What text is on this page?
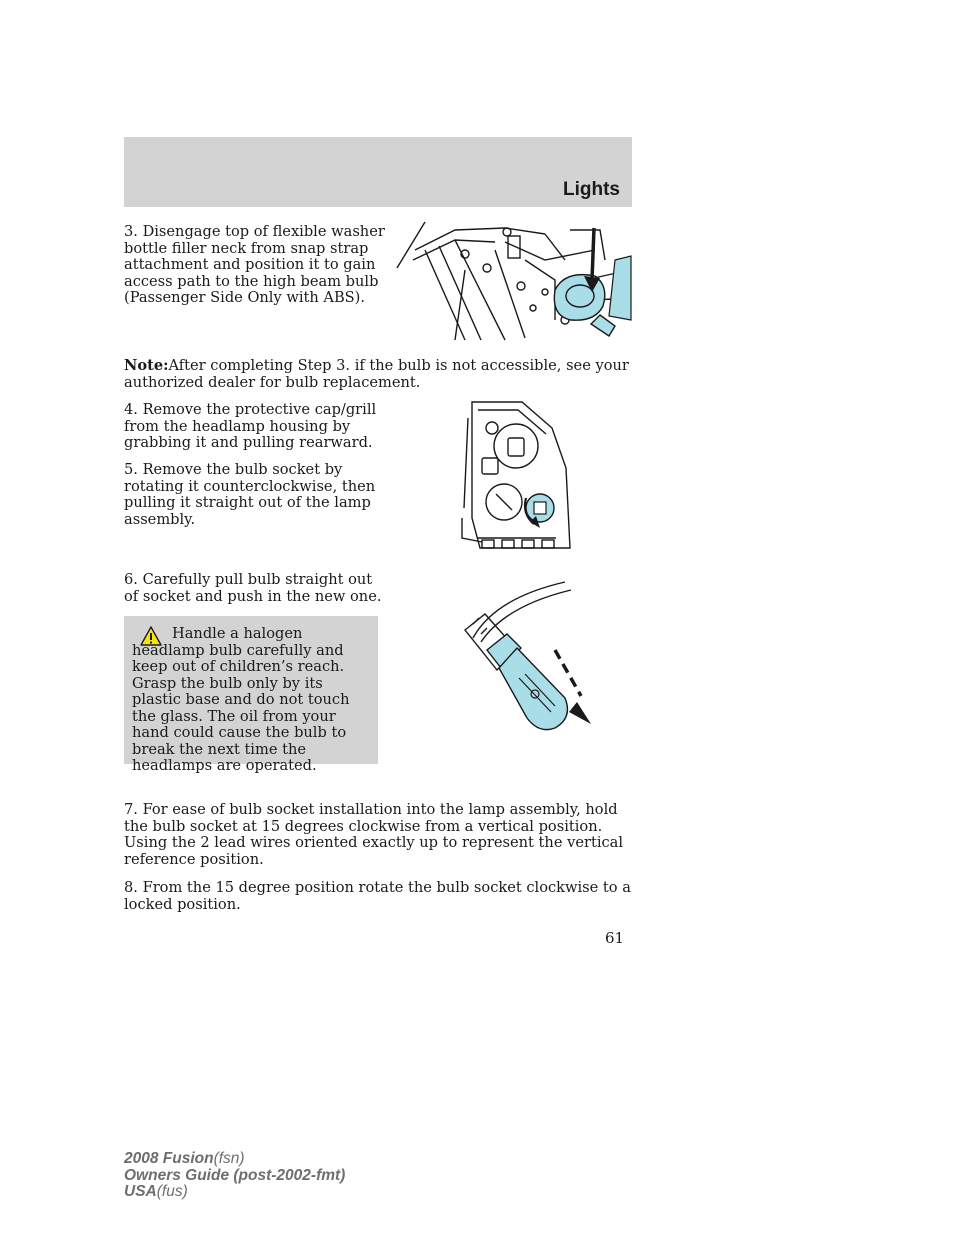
Lights

3. Disengage top of flexible washer bottle filler neck from snap strap attachment and position it to gain access path to the high beam bulb (Passenger Side Only with ABS).

Note:After completing Step 3. if the bulb is not accessible, see your authorized dealer for bulb replacement.

4. Remove the protective cap/grill from the headlamp housing by grabbing it and pulling rearward.

5. Remove the bulb socket by rotating it counterclockwise, then pulling it straight out of the lamp assembly.

6. Carefully pull bulb straight out of socket and push in the new one.

Handle a halogen headlamp bulb carefully and keep out of children’s reach. Grasp the bulb only by its plastic base and do not touch the glass. The oil from your hand could cause the bulb to break the next time the headlamps are operated.

7. For ease of bulb socket installation into the lamp assembly, hold the bulb socket at 15 degrees clockwise from a vertical position. Using the 2 lead wires oriented exactly up to represent the vertical reference position.

8. From the 15 degree position rotate the bulb socket clockwise to a locked position.

61
2008 Fusion(fsn)
Owners Guide (post-2002-fmt)
USA(fus)
